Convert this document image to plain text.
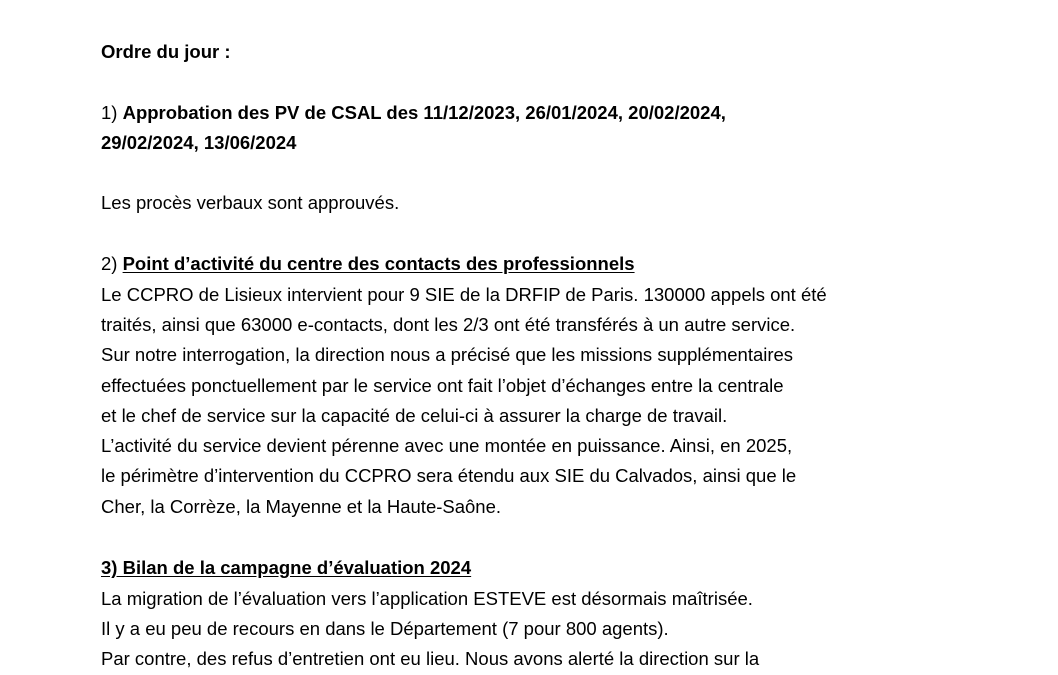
Ordre du jour :
1) Approbation des PV de CSAL des 11/12/2023, 26/01/2024, 20/02/2024,
29/02/2024, 13/06/2024
Les procès verbaux sont approuvés.
2) Point d’activité du centre des contacts des professionnels
Le CCPRO de Lisieux intervient pour 9 SIE de la DRFIP de Paris. 130000 appels ont été
traités, ainsi que 63000 e-contacts, dont les 2/3 ont été transférés à un autre service.
Sur notre interrogation, la direction nous a précisé que les missions supplémentaires
effectuées ponctuellement par le service ont fait l’objet d’échanges entre la centrale
et le chef de service sur la capacité de celui-ci à assurer la charge de travail.
L’activité du service devient pérenne avec une montée en puissance. Ainsi, en 2025,
le périmètre d’intervention du CCPRO sera étendu aux SIE du Calvados, ainsi que le
Cher, la Corrèze, la Mayenne et la Haute-Saône.
3) Bilan de la campagne d’évaluation 2024
La migration de l’évaluation vers l’application ESTEVE est désormais maîtrisée.
Il y a eu peu de recours en dans le Département (7 pour 800 agents).
Par contre, des refus d’entretien ont eu lieu. Nous avons alerté la direction sur la
